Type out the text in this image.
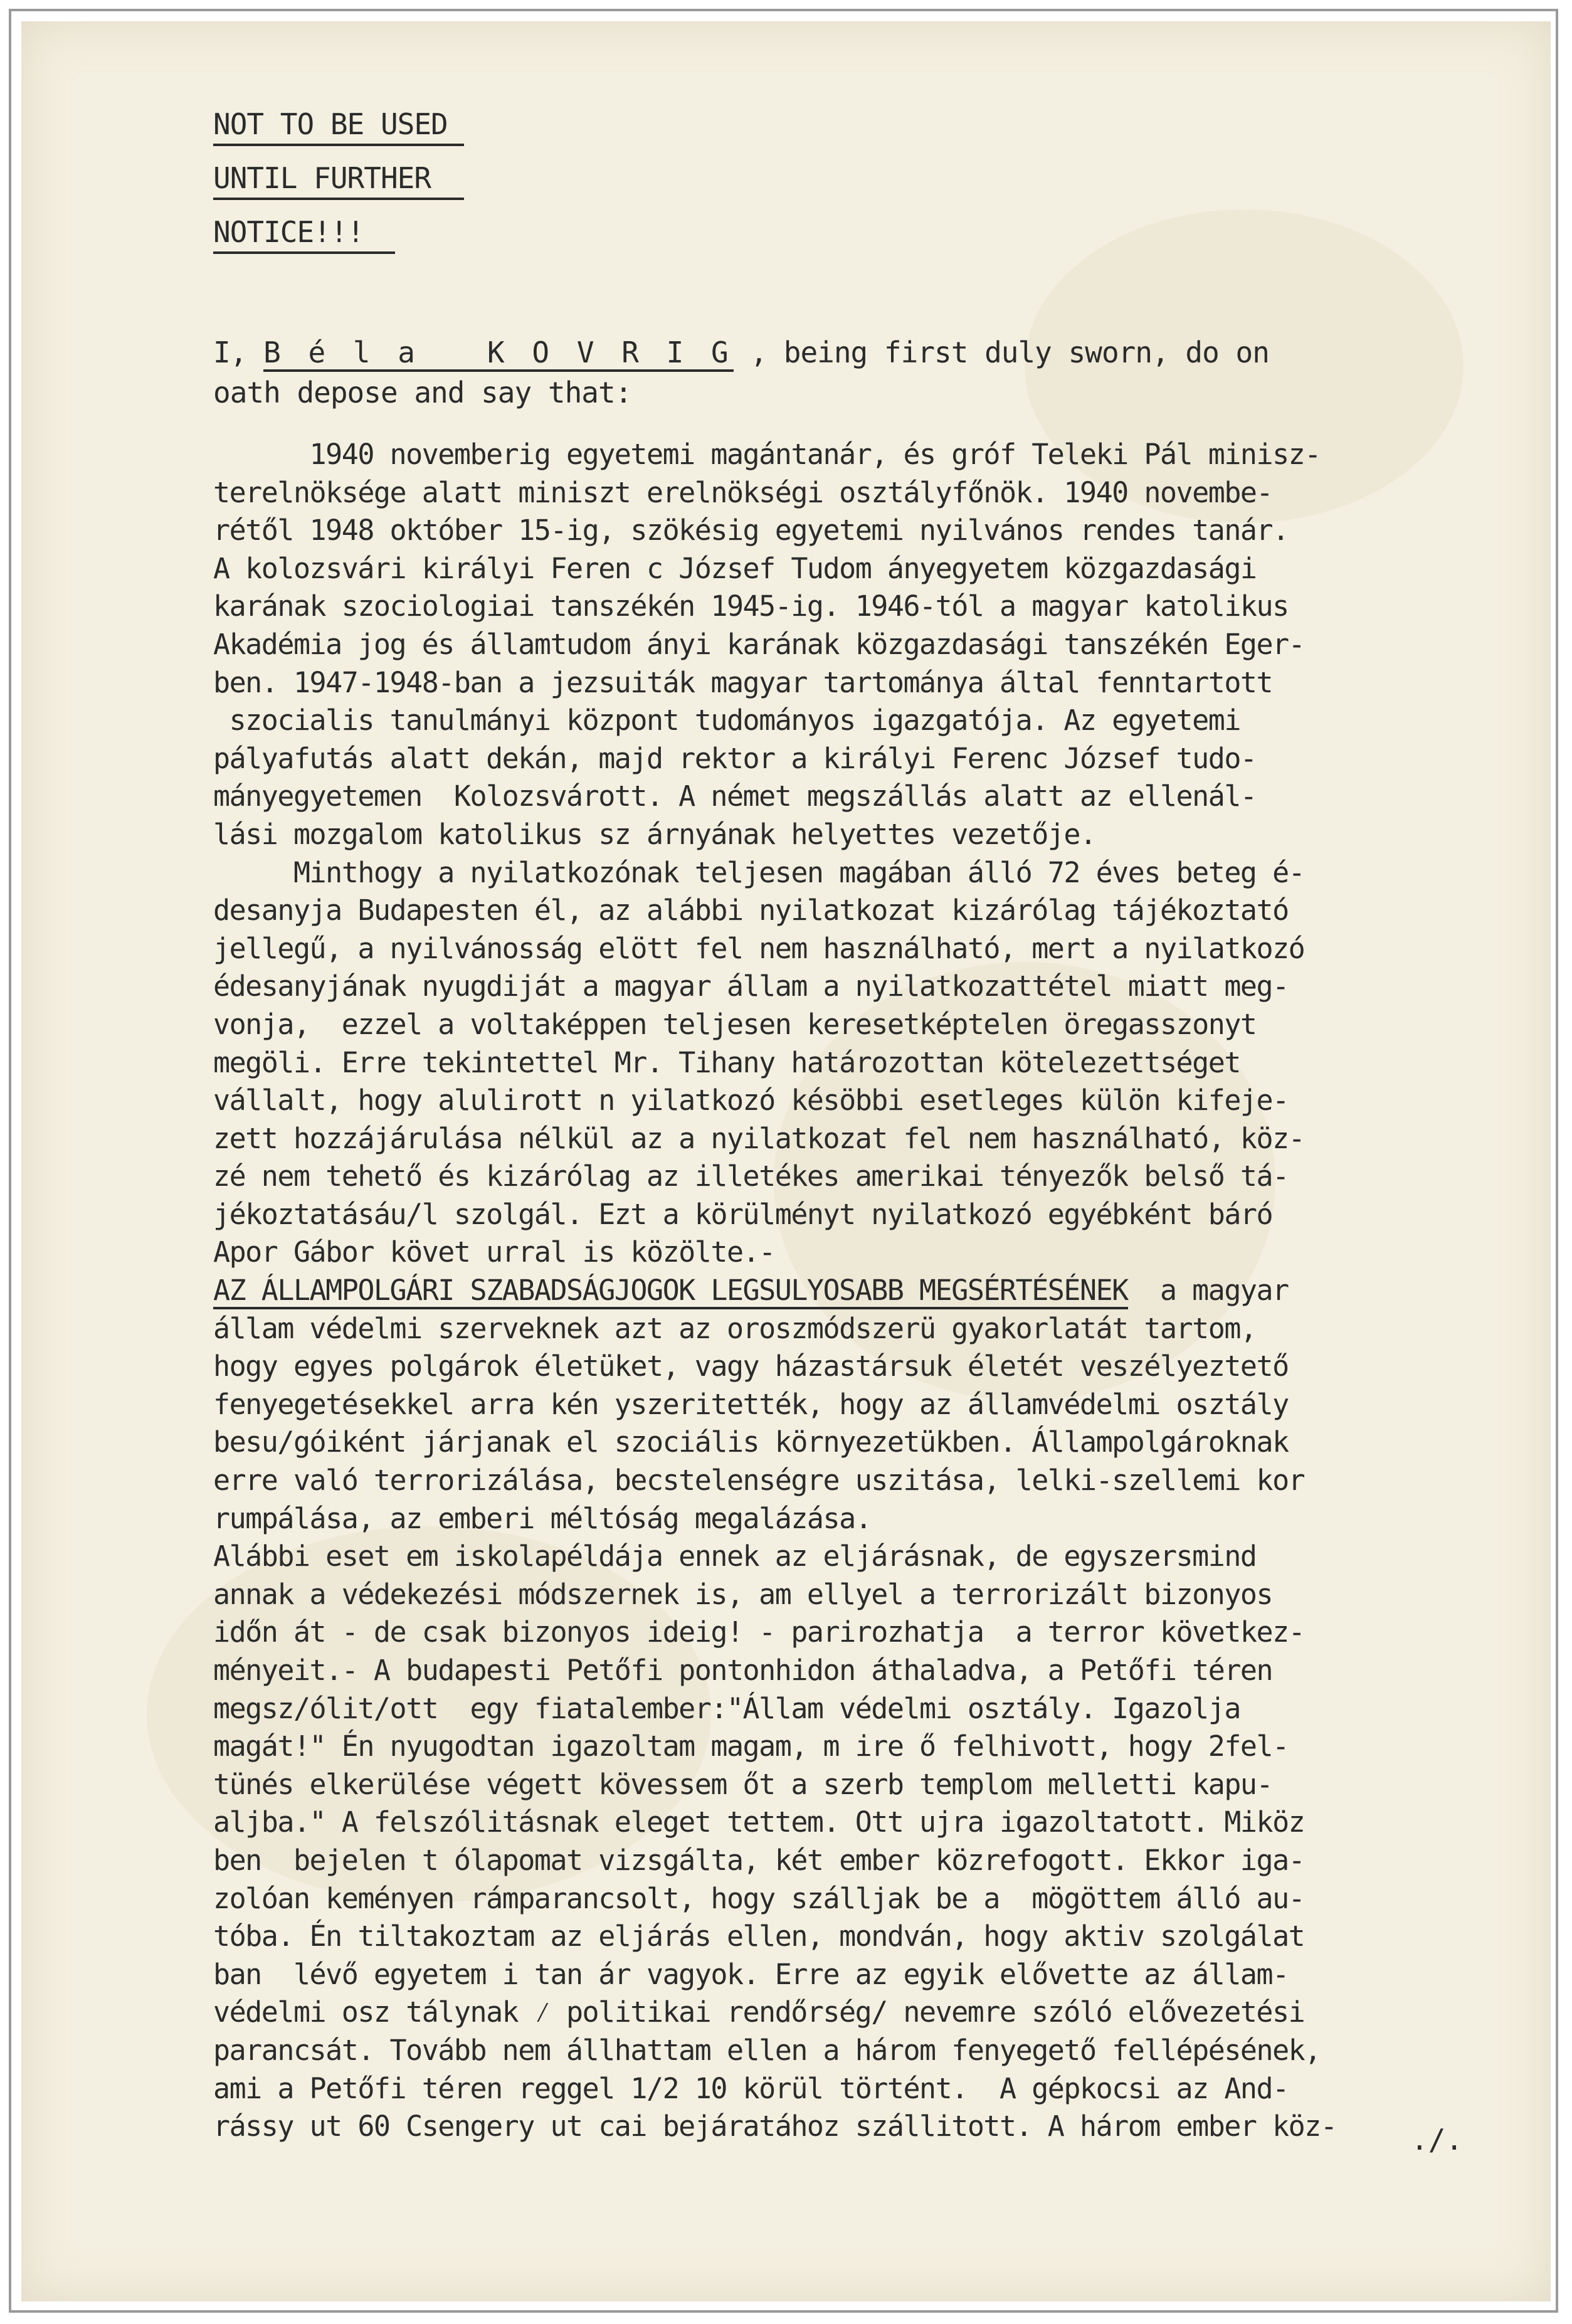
NOT TO BE USED
UNTIL FURTHER
NOTICE!!!
I, B é l a   K O V R I G , being first duly sworn, do on
oath depose and say that:
1940 novemberig egyetemi magántanár, és gróf Teleki Pál minisz-
terelnöksége alatt miniszt erelnökségi osztályfőnök. 1940 novembe-
rétől 1948 október 15-ig, szökésig egyetemi nyilvános rendes tanár.
A kolozsvári királyi Feren c József Tudom ányegyetem közgazdasági
karának szociologiai tanszékén 1945-ig. 1946-tól a magyar katolikus
Akadémia jog és államtudom ányi karának közgazdasági tanszékén Eger-
ben. 1947-1948-ban a jezsuiták magyar tartománya által fenntartott
szocialis tanulmányi központ tudományos igazgatója. Az egyetemi
pályafutás alatt dekán, majd rektor a királyi Ferenc József tudo-
mányegyetemen  Kolozsvárott. A német megszállás alatt az ellenál-
lási mozgalom katolikus sz árnyának helyettes vezetője.
Minthogy a nyilatkozónak teljesen magában álló 72 éves beteg é-
desanyja Budapesten él, az alábbi nyilatkozat kizárólag tájékoztató
jellegű, a nyilvánosság elött fel nem használható, mert a nyilatkozó
édesanyjának nyugdiját a magyar állam a nyilatkozattétel miatt meg-
vonja,  ezzel a voltaképpen teljesen keresetképtelen öregasszonyt
megöli. Erre tekintettel Mr. Tihany határozottan kötelezettséget
vállalt, hogy alulirott n yilatkozó késöbbi esetleges külön kifeje-
zett hozzájárulása nélkül az a nyilatkozat fel nem használható, köz-
zé nem tehető és kizárólag az illetékes amerikai tényezők belső tá-
jékoztatásáu/l szolgál. Ezt a körülményt nyilatkozó egyébként báró
Apor Gábor követ urral is közölte.-
AZ ÁLLAMPOLGÁRI SZABADSÁGJOGOK LEGSULYOSABB MEGSÉRTÉSÉNEK  a magyar
állam védelmi szerveknek azt az oroszmódszerü gyakorlatát tartom,
hogy egyes polgárok életüket, vagy házastársuk életét veszélyeztető
fenyegetésekkel arra kén yszeritették, hogy az államvédelmi osztály
besu/góiként járjanak el szociális környezetükben. Állampolgároknak
erre való terrorizálása, becstelenségre uszitása, lelki-szellemi kor
rumpálása, az emberi méltóság megalázása.
Alábbi eset em iskolapéldája ennek az eljárásnak, de egyszersmind
annak a védekezési módszernek is, am ellyel a terrorizált bizonyos
időn át - de csak bizonyos ideig! - parirozhatja  a terror következ-
ményeit.- A budapesti Petőfi pontonhidon áthaladva, a Petőfi téren
megsz/ólit/ott  egy fiatalember:"Állam védelmi osztály. Igazolja
magát!" Én nyugodtan igazoltam magam, m ire ő felhivott, hogy 2fel-
tünés elkerülése végett kövessem őt a szerb templom melletti kapu-
aljba." A felszólitásnak eleget tettem. Ott ujra igazoltatott. Miköz
ben  bejelen t ólapomat vizsgálta, két ember közrefogott. Ekkor iga-
zolóan keményen rámparancsolt, hogy szálljak be a  mögöttem álló au-
tóba. Én tiltakoztam az eljárás ellen, mondván, hogy aktiv szolgálat
ban  lévő egyetem i tan ár vagyok. Erre az egyik elővette az állam-
védelmi osz tálynak ⁄ politikai rendőrség/ nevemre szóló elővezetési
parancsát. Tovább nem állhattam ellen a három fenyegető fellépésének,
ami a Petőfi téren reggel 1/2 10 körül történt.  A gépkocsi az And-
rássy ut 60 Csengery ut cai bejáratához szállitott. A három ember köz-	./.
